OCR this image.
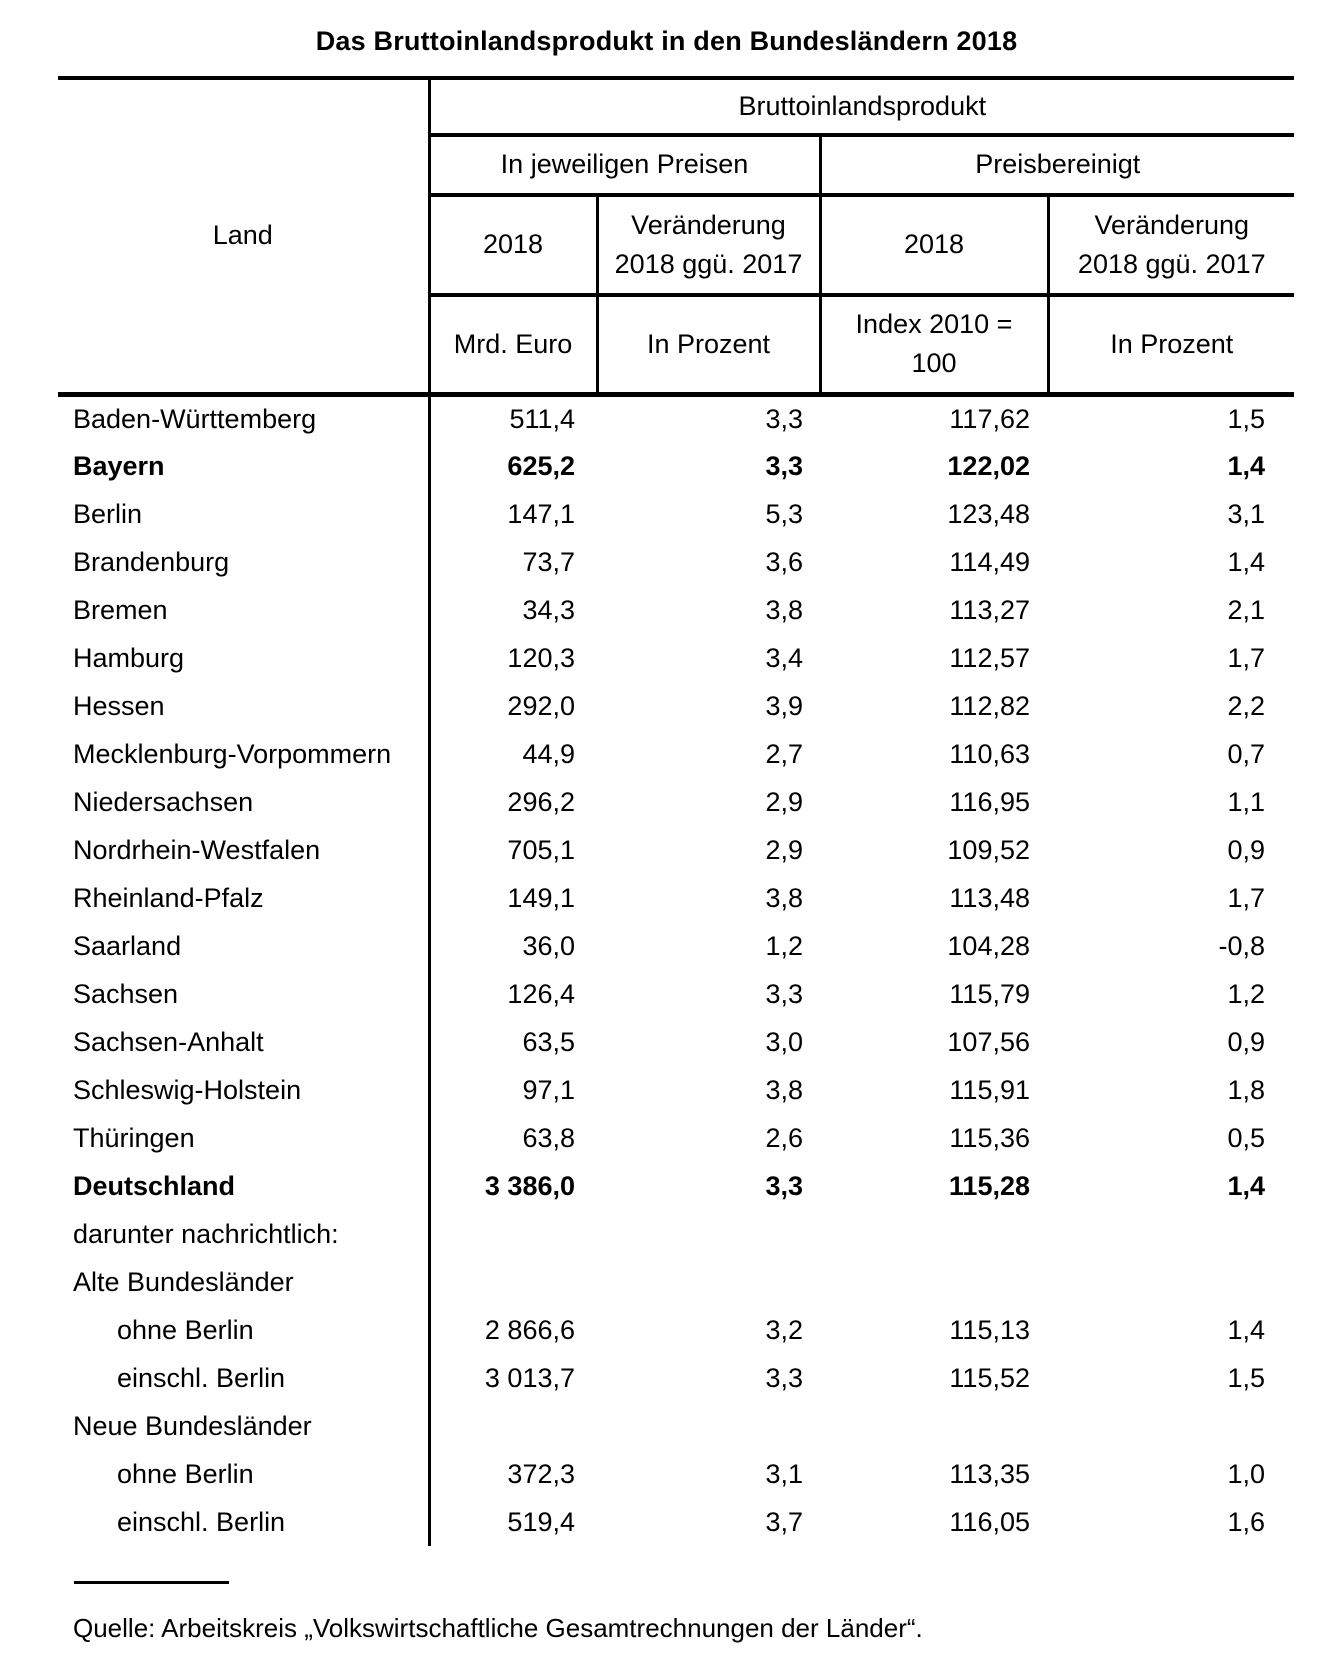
Das Bruttoinlandsprodukt in den Bundesländern 2018
Land	Bruttoinlandsprodukt			
	In jeweiligen Preisen		Preisbereinigt	
	2018	Veränderung 2018 ggü. 2017	2018	Veränderung 2018 ggü. 2017
	Mrd. Euro	In Prozent	Index 2010 = 100	In Prozent
Baden-Württemberg	511,4	3,3	117,62	1,5
Bayern	625,2	3,3	122,02	1,4
Berlin	147,1	5,3	123,48	3,1
Brandenburg	73,7	3,6	114,49	1,4
Bremen	34,3	3,8	113,27	2,1
Hamburg	120,3	3,4	112,57	1,7
Hessen	292,0	3,9	112,82	2,2
Mecklenburg-Vorpommern	44,9	2,7	110,63	0,7
Niedersachsen	296,2	2,9	116,95	1,1
Nordrhein-Westfalen	705,1	2,9	109,52	0,9
Rheinland-Pfalz	149,1	3,8	113,48	1,7
Saarland	36,0	1,2	104,28	-0,8
Sachsen	126,4	3,3	115,79	1,2
Sachsen-Anhalt	63,5	3,0	107,56	0,9
Schleswig-Holstein	97,1	3,8	115,91	1,8
Thüringen	63,8	2,6	115,36	0,5
Deutschland	3 386,0	3,3	115,28	1,4
darunter nachrichtlich:				
Alte Bundesländer				
ohne Berlin	2 866,6	3,2	115,13	1,4
einschl. Berlin	3 013,7	3,3	115,52	1,5
Neue Bundesländer				
ohne Berlin	372,3	3,1	113,35	1,0
einschl. Berlin	519,4	3,7	116,05	1,6

Quelle: Arbeitskreis „Volkswirtschaftliche Gesamtrechnungen der Länder“.
